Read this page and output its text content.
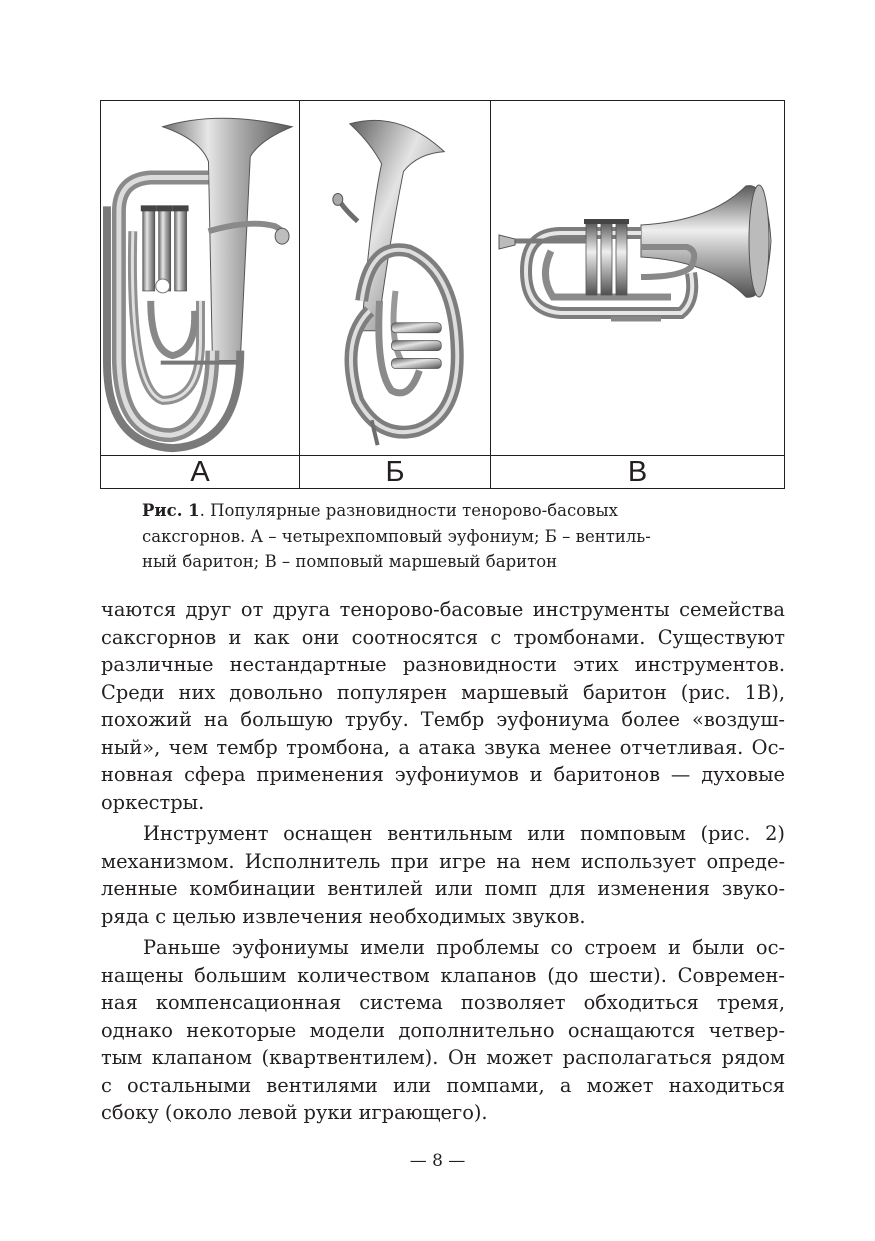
А	Б	В
Рис. 1. Популярные разновидности тенорово-басовых
саксгорнов. А – четырехпомповый эуфониум; Б – вентиль-
ный баритон; В – помповый маршевый баритон
чаются друг от друга тенорово-басовые инструменты семейства
саксгорнов и как они соотносятся с тромбонами. Существуют
различные нестандартные разновидности этих инструментов.
Среди них довольно популярен маршевый баритон (рис. 1В),
похожий на большую трубу. Тембр эуфониума более «воздуш-
ный», чем тембр тромбона, а атака звука менее отчетливая. Ос-
новная сфера применения эуфониумов и баритонов — духовые
оркестры.
Инструмент оснащен вентильным или помповым (рис. 2)
механизмом. Исполнитель при игре на нем использует опреде-
ленные комбинации вентилей или помп для изменения звуко-
ряда с целью извлечения необходимых звуков.
Раньше эуфониумы имели проблемы со строем и были ос-
нащены большим количеством клапанов (до шести). Современ-
ная компенсационная система позволяет обходиться тремя,
однако некоторые модели дополнительно оснащаются четвер-
тым клапаном (квартвентилем). Он может располагаться рядом
с остальными вентилями или помпами, а может находиться
сбоку (около левой руки играющего).
— 8 —
